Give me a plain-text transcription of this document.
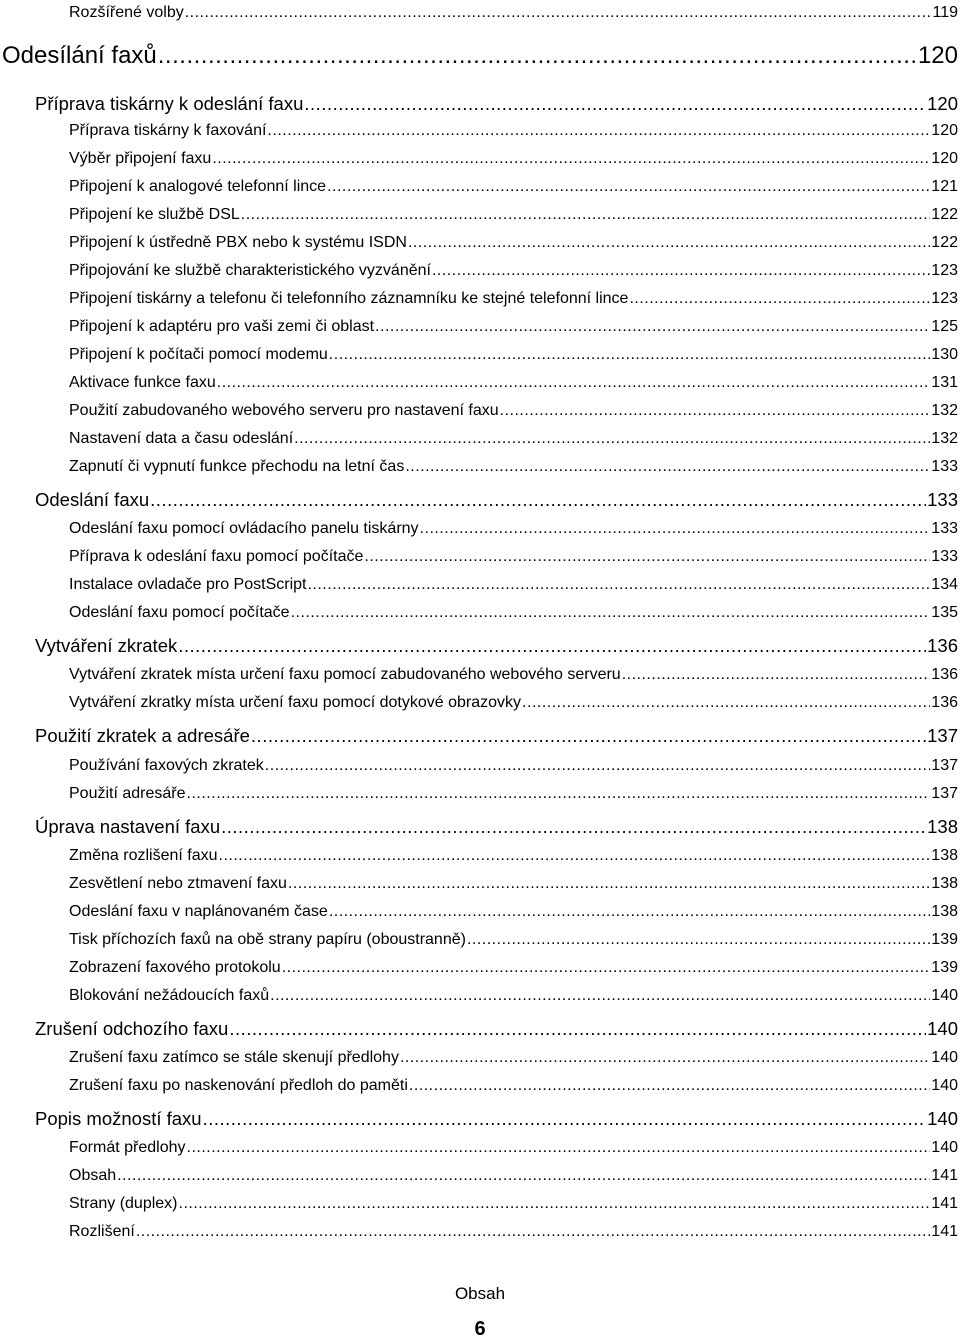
Rozšířené volby .....	119
Odesílání faxů .....	120
Příprava tiskárny k odeslání faxu .....	120
Příprava tiskárny k faxování .....	120
Výběr připojení faxu .....	120
Připojení k analogové telefonní lince .....	121
Připojení ke službě DSL .....	122
Připojení k ústředně PBX nebo k systému ISDN .....	122
Připojování ke službě charakteristického vyzvánění .....	123
Připojení tiskárny a telefonu či telefonního záznamníku ke stejné telefonní lince .....	123
Připojení k adaptéru pro vaši zemi či oblast .....	125
Připojení k počítači pomocí modemu .....	130
Aktivace funkce faxu .....	131
Použití zabudovaného webového serveru pro nastavení faxu .....	132
Nastavení data a času odeslání .....	132
Zapnutí či vypnutí funkce přechodu na letní čas .....	133
Odeslání faxu .....	133
Odeslání faxu pomocí ovládacího panelu tiskárny .....	133
Příprava k odeslání faxu pomocí počítače .....	133
Instalace ovladače pro PostScript .....	134
Odeslání faxu pomocí počítače .....	135
Vytváření zkratek .....	136
Vytváření zkratek místa určení faxu pomocí zabudovaného webového serveru .....	136
Vytváření zkratky místa určení faxu pomocí dotykové obrazovky .....	136
Použití zkratek a adresáře .....	137
Používání faxových zkratek .....	137
Použití adresáře .....	137
Úprava nastavení faxu .....	138
Změna rozlišení faxu .....	138
Zesvětlení nebo ztmavení faxu .....	138
Odeslání faxu v naplánovaném čase .....	138
Tisk příchozích faxů na obě strany papíru (oboustranně) .....	139
Zobrazení faxového protokolu .....	139
Blokování nežádoucích faxů .....	140
Zrušení odchozího faxu .....	140
Zrušení faxu zatímco se stále skenují předlohy .....	140
Zrušení faxu po naskenování předloh do paměti .....	140
Popis možností faxu .....	140
Formát předlohy .....	140
Obsah .....	141
Strany (duplex) .....	141
Rozlišení .....	141
Obsah
6
